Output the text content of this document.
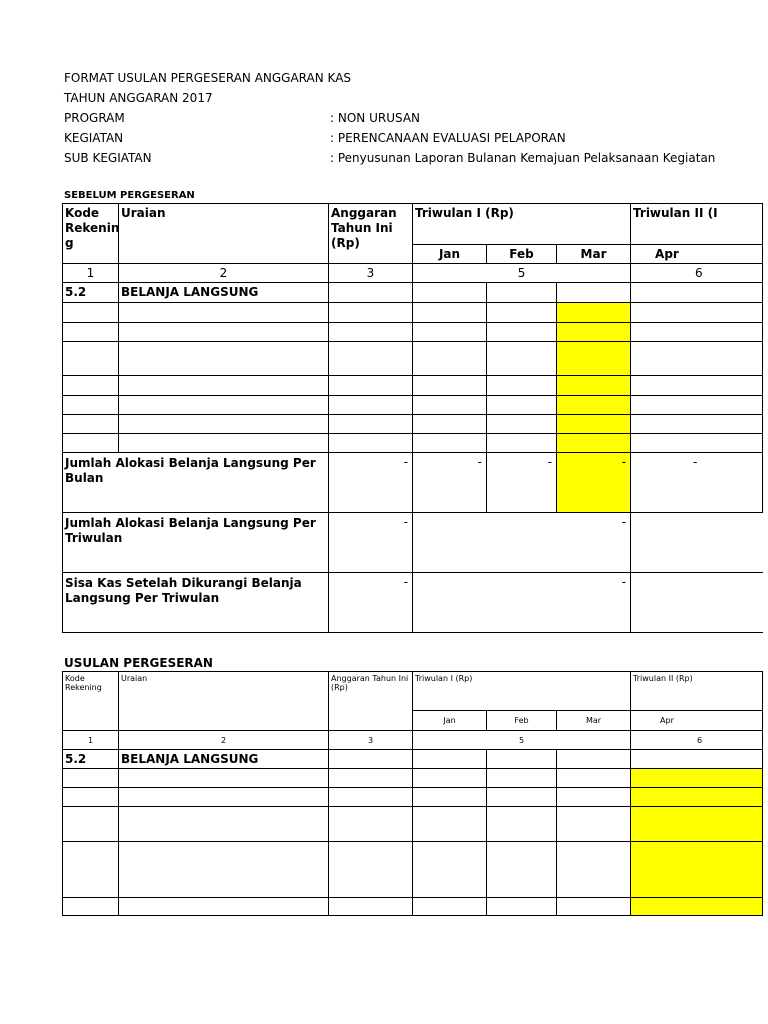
FORMAT USULAN PERGESERAN ANGGARAN KAS
TAHUN ANGGARAN 2017
PROGRAM	: NON URUSAN
KEGIATAN	: PERENCANAAN EVALUASI PELAPORAN
SUB KEGIATAN	: Penyusunan Laporan Bulanan Kemajuan Pelaksanaan Kegiatan
SEBELUM PERGESERAN
Kode Rekenin g	Uraian	Anggaran Tahun Ini (Rp)	Triwulan I (Rp)			Triwulan II (I
			Jan	Feb	Mar	Apr
1	2	3	5			6
5.2	BELANJA LANGSUNG					

Jumlah Alokasi Belanja Langsung Per Bulan		-	-	-	-	-
Jumlah Alokasi Belanja Langsung Per Triwulan		-	-			
Sisa Kas Setelah Dikurangi Belanja Langsung Per Triwulan		-	-			
USULAN PERGESERAN
Kode Rekening	Uraian	Anggaran Tahun Ini (Rp)	Triwulan I (Rp)			Triwulan II (Rp)
			Jan	Feb	Mar	Apr
1	2	3	5			6
5.2	BELANJA LANGSUNG					
